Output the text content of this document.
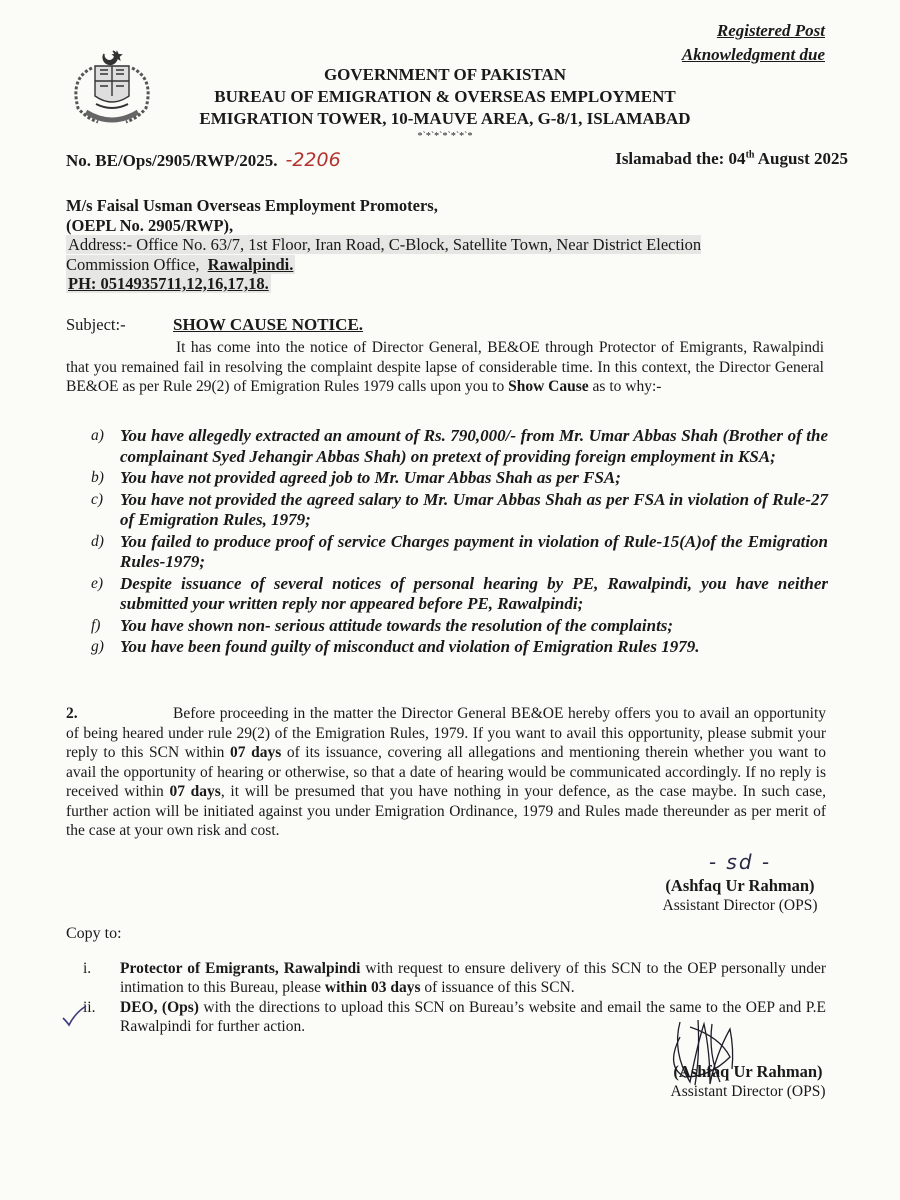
Registered Post
Aknowledgment due
GOVERNMENT OF PAKISTAN
BUREAU OF EMIGRATION & OVERSEAS EMPLOYMENT
EMIGRATION TOWER, 10-MAUVE AREA, G-8/1, ISLAMABAD
*`*`*`*`*`*`*
No. BE/Ops/2905/RWP/2025. -2206	Islamabad the: 04th August 2025
M/s Faisal Usman Overseas Employment Promoters,
(OEPL No. 2905/RWP),
Address:- Office No. 63/7, 1st Floor, Iran Road, C-Block, Satellite Town, Near District Election Commission Office, Rawalpindi.
PH: 0514935711,12,16,17,18.
Subject:-	SHOW CAUSE NOTICE.
It has come into the notice of Director General, BE&OE through Protector of Emigrants, Rawalpindi that you remained fail in resolving the complaint despite lapse of considerable time. In this context, the Director General BE&OE as per Rule 29(2) of Emigration Rules 1979 calls upon you to Show Cause as to why:-
a) You have allegedly extracted an amount of Rs. 790,000/- from Mr. Umar Abbas Shah (Brother of the complainant Syed Jehangir Abbas Shah) on pretext of providing foreign employment in KSA;
b) You have not provided agreed job to Mr. Umar Abbas Shah as per FSA;
c) You have not provided the agreed salary to Mr. Umar Abbas Shah as per FSA in violation of Rule-27 of Emigration Rules, 1979;
d) You failed to produce proof of service Charges payment in violation of Rule-15(A)of the Emigration Rules-1979;
e) Despite issuance of several notices of personal hearing by PE, Rawalpindi, you have neither submitted your written reply nor appeared before PE, Rawalpindi;
f) You have shown non- serious attitude towards the resolution of the complaints;
g) You have been found guilty of misconduct and violation of Emigration Rules 1979.
2.	Before proceeding in the matter the Director General BE&OE hereby offers you to avail an opportunity of being heared under rule 29(2) of the Emigration Rules, 1979. If you want to avail this opportunity, please submit your reply to this SCN within 07 days of its issuance, covering all allegations and mentioning therein whether you want to avail the opportunity of hearing or otherwise, so that a date of hearing would be communicated accordingly. If no reply is received within 07 days, it will be presumed that you have nothing in your defence, as the case maybe. In such case, further action will be initiated against you under Emigration Ordinance, 1979 and Rules made thereunder as per merit of the case at your own risk and cost.
- sd -
(Ashfaq Ur Rahman)
Assistant Director (OPS)
Copy to:
i. Protector of Emigrants, Rawalpindi with request to ensure delivery of this SCN to the OEP personally under intimation to this Bureau, please within 03 days of issuance of this SCN.
ii. DEO, (Ops) with the directions to upload this SCN on Bureau’s website and email the same to the OEP and P.E Rawalpindi for further action.
(Ashfaq Ur Rahman)
Assistant Director (OPS)
